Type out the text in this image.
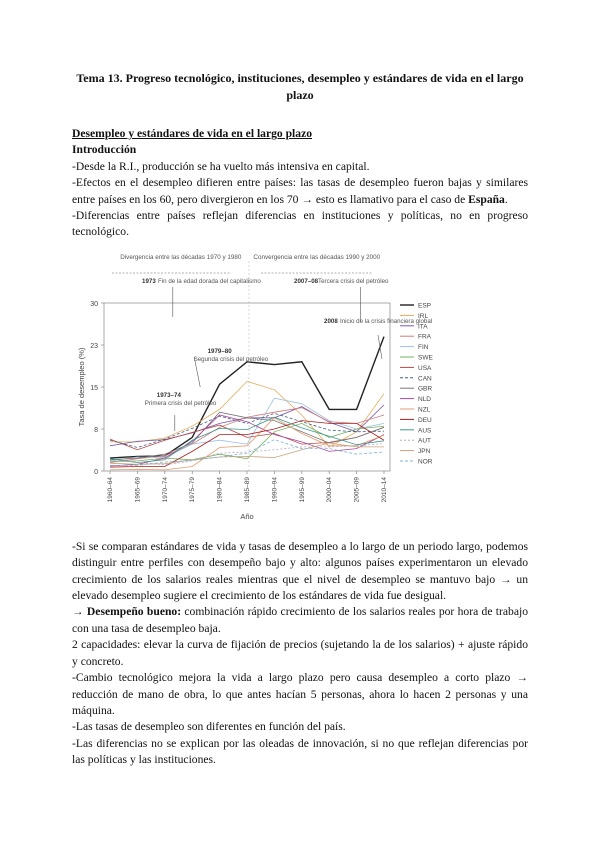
Tema 13. Progreso tecnológico, instituciones, desempleo y estándares de vida en el largo plazo

Desempleo y estándares de vida en el largo plazo

Introducción

-Desde la R.I., producción se ha vuelto más intensiva en capital.

-Efectos en el desempleo difieren entre países: las tasas de desempleo fueron bajas y similares entre países en los 60, pero divergieron en los 70 → esto es llamativo para el caso de España.

-Diferencias entre países reflejan diferencias en instituciones y políticas, no en progreso tecnológico.

0
8
15
23
30
Tasa de desempleo (%)
1960–64	1965–69	1970–74	1975–79	1980–84	1985–89	1990–94	1995–99	2000–04	2005–09	2010–14
Año
ESP
IRL
ITA
FRA
FIN
SWE
USA
CAN
GBR
NLD
NZL
DEU
AUS
AUT
JPN
NOR
Divergencia entre las décadas 1970 y 1980 Convergencia entre las décadas 1990 y 2000
1973 Fin de la edad dorada del capitalismo	2007–08 Tercera crisis del petróleo
2008 Inicio de la crisis financiera global
1979–80
Segunda crisis del petróleo
1973–74
Primera crisis del petróleo

-Si se comparan estándares de vida y tasas de desempleo a lo largo de un periodo largo, podemos distinguir entre perfiles con desempeño bajo y alto: algunos países experimentaron un elevado crecimiento de los salarios reales mientras que el nivel de desempleo se mantuvo bajo → un elevado desempleo sugiere el crecimiento de los estándares de vida fue desigual.

→ Desempeño bueno: combinación rápido crecimiento de los salarios reales por hora de trabajo con una tasa de desempleo baja.

2 capacidades: elevar la curva de fijación de precios (sujetando la de los salarios) + ajuste rápido y concreto.

-Cambio tecnológico mejora la vida a largo plazo pero causa desempleo a corto plazo → reducción de mano de obra, lo que antes hacían 5 personas, ahora lo hacen 2 personas y una máquina.

-Las tasas de desempleo son diferentes en función del país.

-Las diferencias no se explican por las oleadas de innovación, si no que reflejan diferencias por las políticas y las instituciones.
